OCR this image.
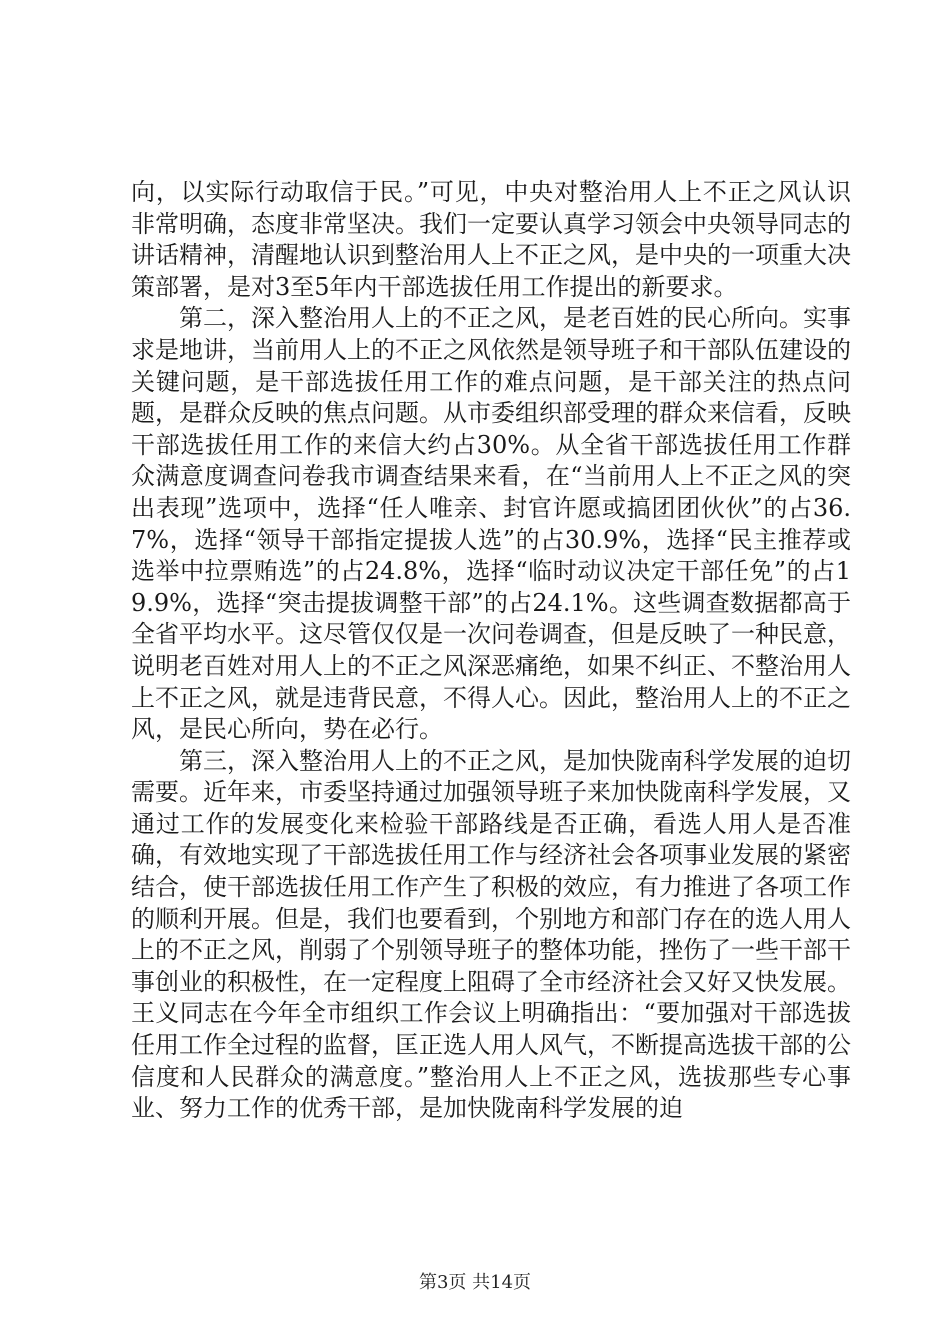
向，以实际行动取信于民。”可见，中央对整治用人上不正之风认识非常明确，态度非常坚决。我们一定要认真学习领会中央领导同志的讲话精神，清醒地认识到整治用人上不正之风，是中央的一项重大决策部署，是对3至5年内干部选拔任用工作提出的新要求。

第二，深入整治用人上的不正之风，是老百姓的民心所向。实事求是地讲，当前用人上的不正之风依然是领导班子和干部队伍建设的关键问题，是干部选拔任用工作的难点问题，是干部关注的热点问题，是群众反映的焦点问题。从市委组织部受理的群众来信看，反映干部选拔任用工作的来信大约占30%。从全省干部选拔任用工作群众满意度调查问卷我市调查结果来看，在“当前用人上不正之风的突出表现”选项中，选择“任人唯亲、封官许愿或搞团团伙伙”的占36.7%，选择“领导干部指定提拔人选”的占30.9%，选择“民主推荐或选举中拉票贿选”的占24.8%，选择“临时动议决定干部任免”的占19.9%，选择“突击提拔调整干部”的占24.1%。这些调查数据都高于全省平均水平。这尽管仅仅是一次问卷调查，但是反映了一种民意，说明老百姓对用人上的不正之风深恶痛绝，如果不纠正、不整治用人上不正之风，就是违背民意，不得人心。因此，整治用人上的不正之风，是民心所向，势在必行。

第三，深入整治用人上的不正之风，是加快陇南科学发展的迫切需要。近年来，市委坚持通过加强领导班子来加快陇南科学发展，又通过工作的发展变化来检验干部路线是否正确，看选人用人是否准确，有效地实现了干部选拔任用工作与经济社会各项事业发展的紧密结合，使干部选拔任用工作产生了积极的效应，有力推进了各项工作的顺利开展。但是，我们也要看到，个别地方和部门存在的选人用人上的不正之风，削弱了个别领导班子的整体功能，挫伤了一些干部干事创业的积极性，在一定程度上阻碍了全市经济社会又好又快发展。王义同志在今年全市组织工作会议上明确指出：“要加强对干部选拔任用工作全过程的监督，匡正选人用人风气，不断提高选拔干部的公信度和人民群众的满意度。”整治用人上不正之风，选拔那些专心事业、努力工作的优秀干部，是加快陇南科学发展的迫

第3页 共14页
